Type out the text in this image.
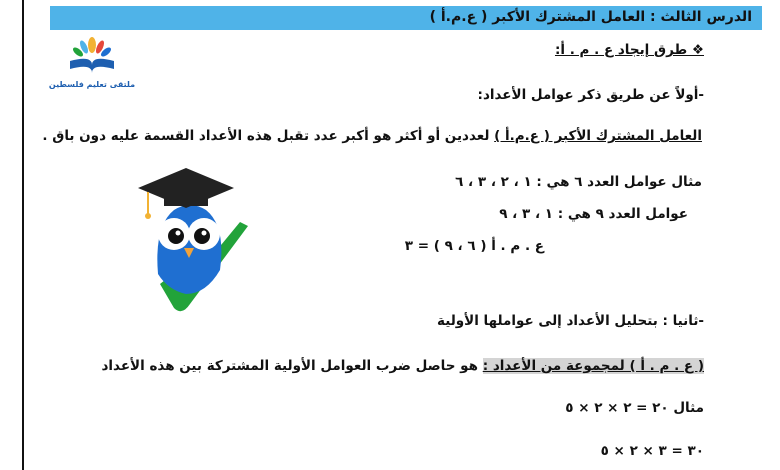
الدرس الثالث : العامل المشترك الأكبر ( ع.م.أ )
ملتقى تعليم فلسطين
❖ طرق إيجاد ع . م . أ:
-أولاً عن طريق ذكر عوامل الأعداد:
العامل المشترك الأكبر ( ع.م.أ ) لعددين أو أكثر هو أكبر عدد تقبل هذه الأعداد القسمة عليه دون باق .
مثال عوامل العدد ٦ هي : ١ ، ٢ ، ٣ ، ٦
عوامل العدد ٩ هي : ١ ، ٣ ، ٩
ع . م . أ ( ٦ ، ٩ ) = ٣
-ثانيا : بتحليل الأعداد إلى عواملها الأولية
( ع . م . أ ) لمجموعة من الأعداد : هو حاصل ضرب العوامل الأولية المشتركة بين هذه الأعداد
مثال ٢٠ = ٢ × ٢ × ٥
٣٠ = ٣ × ٢ × ٥
